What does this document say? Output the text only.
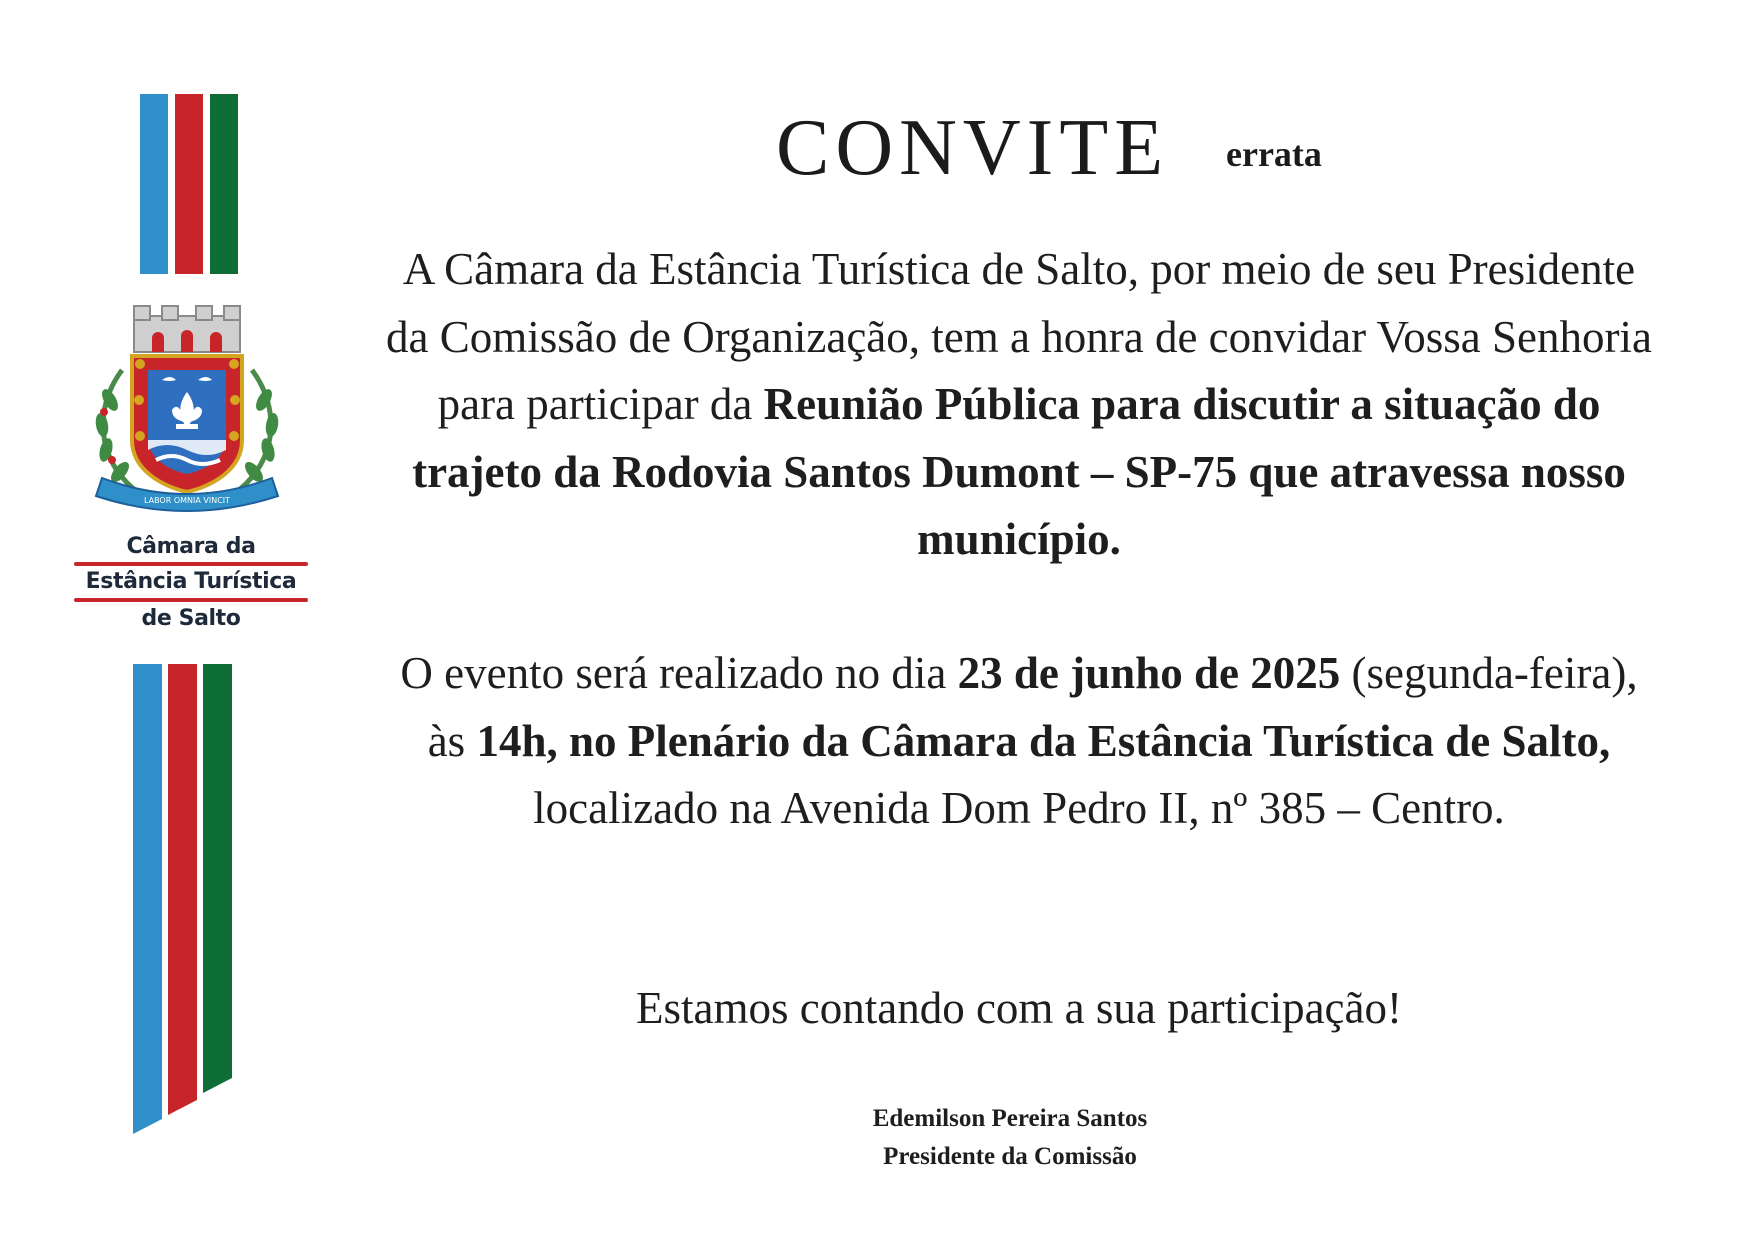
LABOR OMNIA VINCIT
Câmara da
Estância Turística
de Salto
CONVITE errata

A Câmara da Estância Turística de Salto, por meio de seu Presidente da Comissão de Organização, tem a honra de convidar Vossa Senhoria para participar da Reunião Pública para discutir a situação do trajeto da Rodovia Santos Dumont – SP-75 que atravessa nosso município.

O evento será realizado no dia 23 de junho de 2025 (segunda-feira), às 14h, no Plenário da Câmara da Estância Turística de Salto, localizado na Avenida Dom Pedro II, nº 385 – Centro.

Estamos contando com a sua participação!

Edemilson Pereira Santos
Presidente da Comissão
